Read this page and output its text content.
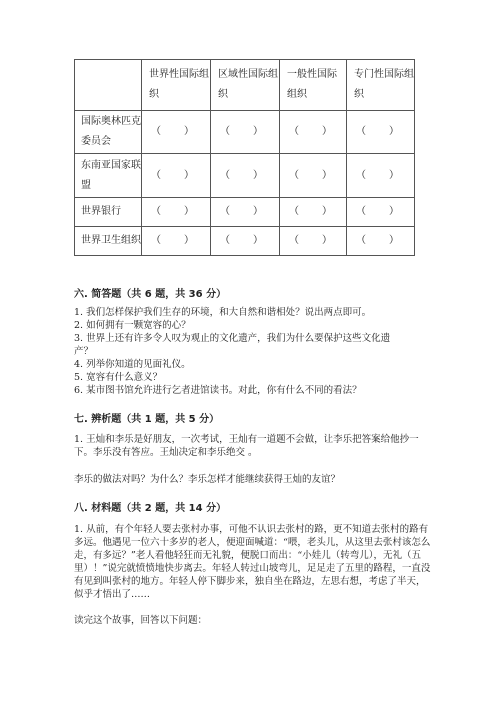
	世界性国际组织	区域性国际组织	一般性国际组织	专门性国际组织
国际奥林匹克委员会	（　　）	（　　）	（　　）	（　　）
东南亚国家联盟	（　　）	（　　）	（　　）	（　　）
世界银行	（　　）	（　　）	（　　）	（　　）
世界卫生组织	（　　）	（　　）	（　　）	（　　）
六. 简答题（共 6 题，共 36 分）
1. 我们怎样保护我们生存的环境，和大自然和谐相处？说出两点即可。
2. 如何拥有一颗宽容的心？
3. 世界上还有许多令人叹为观止的文化遗产，我们为什么要保护这些文化遗
产？
4. 列举你知道的见面礼仪。
5. 宽容有什么意义？
6. 某市图书馆允许进行乞者进馆读书。对此，你有什么不同的看法？
七. 辨析题（共 1 题，共 5 分）
1. 王灿和李乐是好朋友，一次考试，王灿有一道题不会做，让李乐把答案给他抄一下。李乐没有答应。王灿决定和李乐绝交 。
李乐的做法对吗？为什么？李乐怎样才能继续获得王灿的友谊？
八. 材料题（共 2 题，共 14 分）
1. 从前，有个年轻人要去张村办事，可他不认识去张村的路，更不知道去张村的路有多远。他遇见一位六十多岁的老人，便迎面喊道：“喂，老头儿，从这里去张村该怎么走，有多远？”老人看他轻狂而无礼貌，便脱口而出：“小娃儿（转弯儿），无礼（五里）！”说完就愤愤地快步离去。年轻人转过山坡弯儿，足足走了五里的路程，一直没有见到叫张村的地方。年轻人停下脚步来，独自坐在路边，左思右想，考虑了半天，似乎才悟出了……
读完这个故事，回答以下问题：
